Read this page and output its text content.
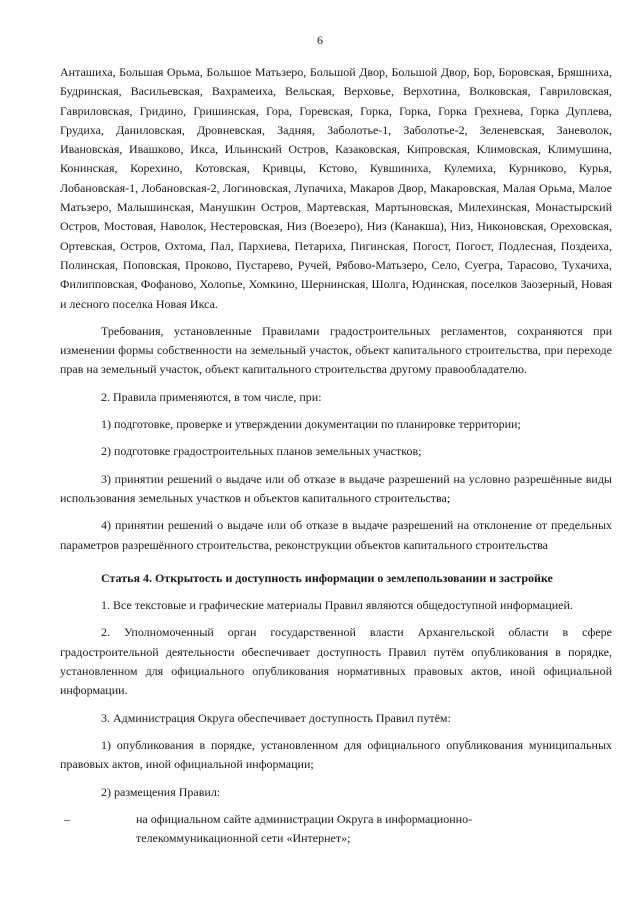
6

Анташиха, Большая Орьма, Большое Матьзеро, Большой Двор, Большой Двор, Бор, Боровская, Бряшниха, Будринская, Васильевская, Вахрамеиха, Вельская, Верховье, Верхотина, Волковская, Гавриловская, Гавриловская, Гридино, Гришинская, Гора, Горевская, Горка, Горка, Горка Грехнева, Горка Дуплева, Грудиха, Даниловская, Дровневская, Задняя, Заболотье-1, Заболотье-2, Зеленевская, Заневолок, Ивановская, Ивашково, Икса, Ильинский Остров, Казаковская, Кипровская, Климовская, Климушина, Конинская, Корехино, Котовская, Кривцы, Кстово, Кувшиниха, Кулемиха, Курниково, Курья, Лобановская-1, Лобановская-2, Логиновская, Лупачиха, Макаров Двор, Макаровская, Малая Орьма, Малое Матьзеро, Малышинская, Манушкин Остров, Мартевская, Мартыновская, Милехинская, Монастырский Остров, Мостовая, Наволок, Нестеровская, Низ (Воезеро), Низ (Канакша), Низ, Никоновская, Ореховская, Ортевская, Остров, Охтома, Пал, Пархиева, Петариха, Пигинская, Погост, Погост, Подлесная, Поздеиха, Полинская, Поповская, Проково, Пустарево, Ручей, Рябово-Матьзеро, Село, Суегра, Тарасово, Тухачиха, Филипповская, Фофаново, Холопье, Хомкино, Шернинская, Шолга, Юдинская, поселков Заозерный, Новая и лесного поселка Новая Икса.

Требования, установленные Правилами градостроительных регламентов, сохраняются при изменении формы собственности на земельный участок, объект капитального строительства, при переходе прав на земельный участок, объект капитального строительства другому правообладателю.

2. Правила применяются, в том числе, при:

1) подготовке, проверке и утверждении документации по планировке территории;

2) подготовке градостроительных планов земельных участков;

3) принятии решений о выдаче или об отказе в выдаче разрешений на условно разрешённые виды использования земельных участков и объектов капитального строительства;

4) принятии решений о выдаче или об отказе в выдаче разрешений на отклонение от предельных параметров разрешённого строительства, реконструкции объектов капитального строительства

Статья 4. Открытость и доступность информации о землепользовании и застройке

1. Все текстовые и графические материалы Правил являются общедоступной информацией.

2. Уполномоченный орган государственной власти Архангельской области в сфере градостроительной деятельности обеспечивает доступность Правил путём опубликования в порядке, установленном для официального опубликования нормативных правовых актов, иной официальной информации.

3. Администрация Округа обеспечивает доступность Правил путём:

1) опубликования в порядке, установленном для официального опубликования муниципальных правовых актов, иной официальной информации;

2) размещения Правил:

–	на официальном сайте администрации Округа в информационно-телекоммуникационной сети «Интернет»;
